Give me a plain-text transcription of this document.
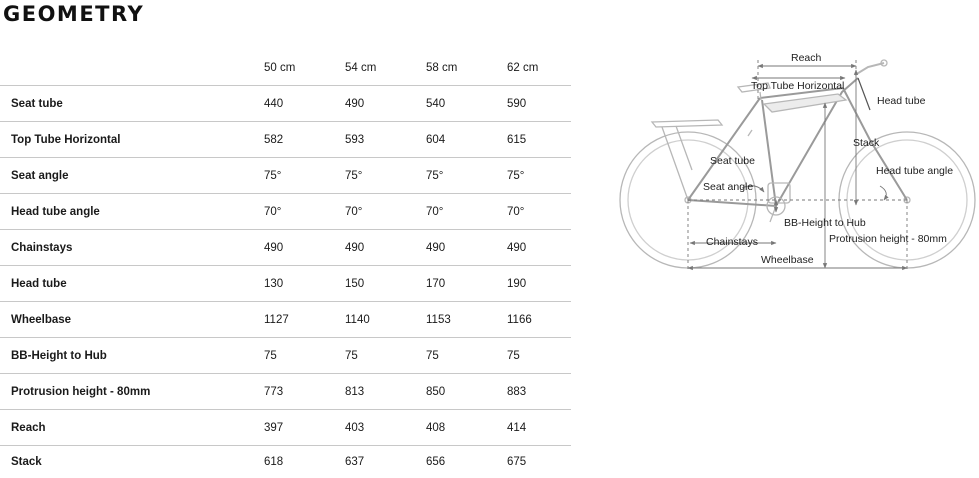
GEOMETRY
	50 cm	54 cm	58 cm	62 cm
Seat tube	440	490	540	590
Top Tube Horizontal	582	593	604	615
Seat angle	75°	75°	75°	75°
Head tube angle	70°	70°	70°	70°
Chainstays	490	490	490	490
Head tube	130	150	170	190
Wheelbase	1127	1140	1153	1166
BB-Height to Hub	75	75	75	75
Protrusion height - 80mm	773	813	850	883
Reach	397	403	408	414
Stack	618	637	656	675
Reach
Top Tube Horizontal
Head tube
Stack
Seat tube
Head tube angle
Seat angle
BB-Height to Hub
Protrusion height - 80mm
Chainstays
Wheelbase
